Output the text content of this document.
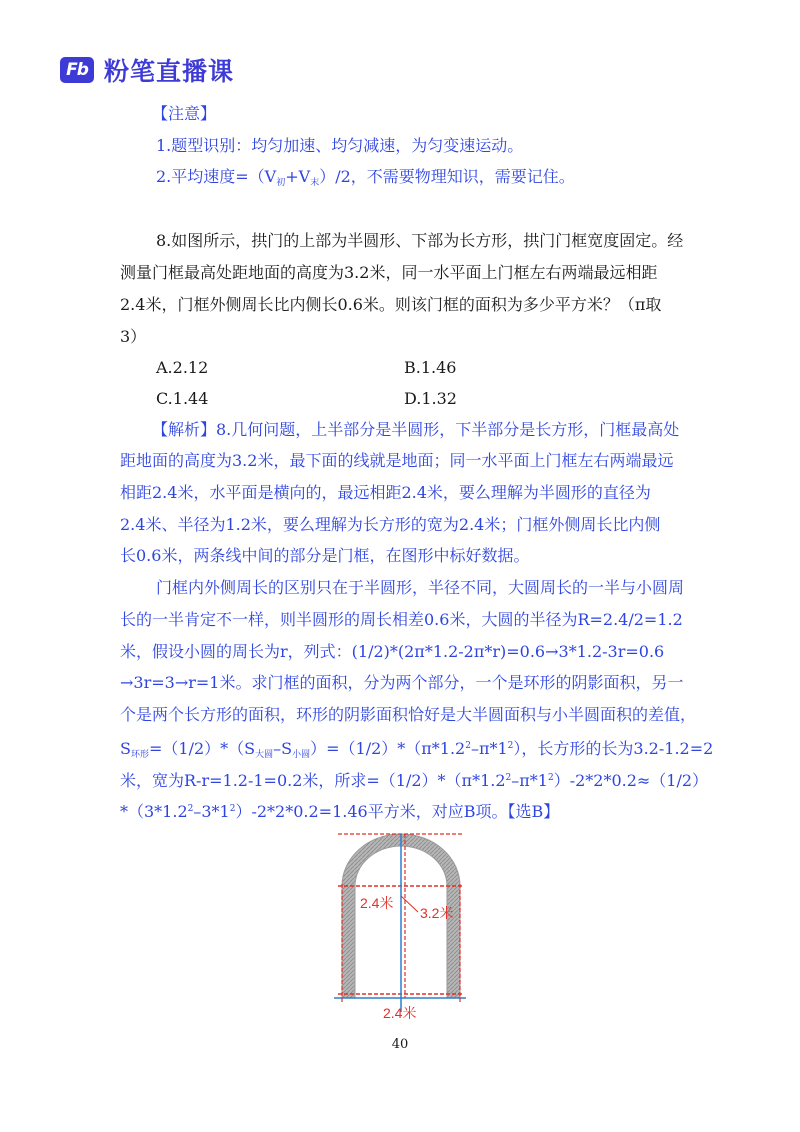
Fb 粉笔直播课
【注意】
1.题型识别：均匀加速、均匀减速，为匀变速运动。
2.平均速度$=(V_初+V_末)/2$，不需要物理知识，需要记住。
8.如图所示，拱门的上部为半圆形、下部为长方形，拱门门框宽度固定。经
测量门框最高处距地面的高度为3.2米，同一水平面上门框左右两端最远相距
2.4米，门框外侧周长比内侧长0.6米。则该门框的面积为多少平方米？（π取
3）
A.2.12	B.1.46
C.1.44	D.1.32
【解析】8.几何问题，上半部分是半圆形，下半部分是长方形，门框最高处
距地面的高度为3.2米，最下面的线就是地面；同一水平面上门框左右两端最远
相距2.4米，水平面是横向的，最远相距2.4米，要么理解为半圆形的直径为
2.4米、半径为1.2米，要么理解为长方形的宽为2.4米；门框外侧周长比内侧
长0.6米，两条线中间的部分是门框，在图形中标好数据。
门框内外侧周长的区别只在于半圆形，半径不同，大圆周长的一半与小圆周
长的一半肯定不一样，则半圆形的周长相差0.6米，大圆的半径为R=2.4/2=1.2
米，假设小圆的周长为r，列式：(1/2)*(2π*1.2-2π*r)=0.6→3*1.2-3r=0.6
→3r=3→r=1米。求门框的面积，分为两个部分，一个是环形的阴影面积，另一
个是两个长方形的面积，环形的阴影面积恰好是大半圆面积与小半圆面积的差值，
$S_{环形}=(1/2)*(S_{大圆}-S_{小圆})=(1/2)*(\pi*1.2^2-\pi*1^2)$，长方形的长为3.2-1.2=2
米，宽为R-r=1.2-1=0.2米，所求$=(1/2)*(\pi*1.2^2-\pi*1^2)-2*2*0.2\approx(1/2)$
$*(3*1.2^2-3*1^2)-2*2*0.2=1.46$平方米，对应B项。【选B】
2.4米
3.2米
2.4米
40
